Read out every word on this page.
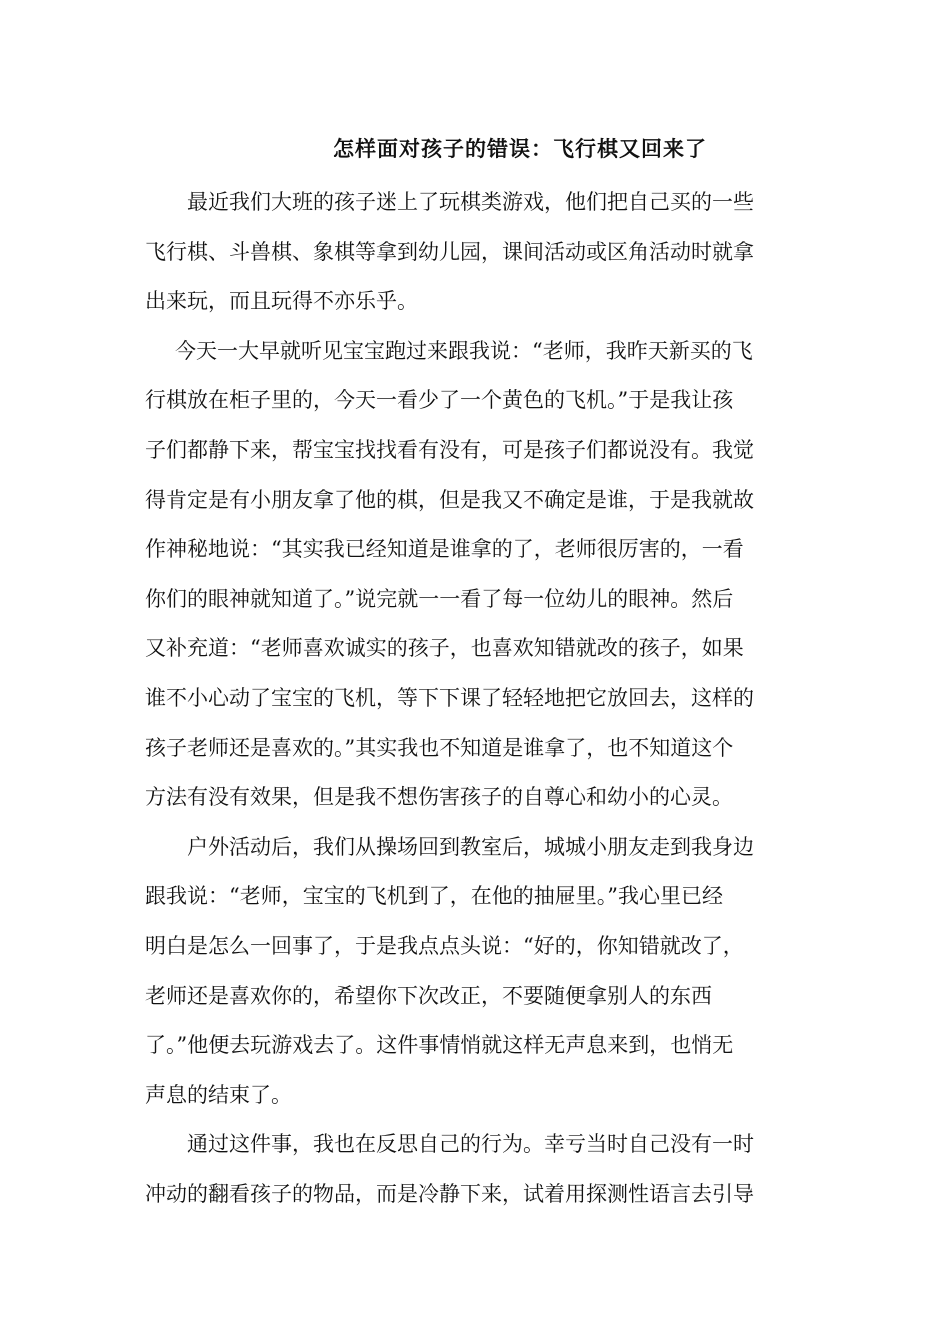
怎样面对孩子的错误：飞行棋又回来了

最近我们大班的孩子迷上了玩棋类游戏，他们把自己买的一些

飞行棋、斗兽棋、象棋等拿到幼儿园，课间活动或区角活动时就拿

出来玩，而且玩得不亦乐乎。

今天一大早就听见宝宝跑过来跟我说：“老师，我昨天新买的飞

行棋放在柜子里的，今天一看少了一个黄色的飞机。”于是我让孩

子们都静下来，帮宝宝找找看有没有，可是孩子们都说没有。我觉

得肯定是有小朋友拿了他的棋，但是我又不确定是谁，于是我就故

作神秘地说：“其实我已经知道是谁拿的了，老师很厉害的，一看

你们的眼神就知道了。”说完就一一看了每一位幼儿的眼神。然后

又补充道：“老师喜欢诚实的孩子，也喜欢知错就改的孩子，如果

谁不小心动了宝宝的飞机，等下下课了轻轻地把它放回去，这样的

孩子老师还是喜欢的。”其实我也不知道是谁拿了，也不知道这个

方法有没有效果，但是我不想伤害孩子的自尊心和幼小的心灵。

户外活动后，我们从操场回到教室后，城城小朋友走到我身边

跟我说：“老师，宝宝的飞机到了，在他的抽屉里。”我心里已经

明白是怎么一回事了，于是我点点头说：“好的，你知错就改了，

老师还是喜欢你的，希望你下次改正，不要随便拿别人的东西

了。”他便去玩游戏去了。这件事情悄就这样无声息来到，也悄无

声息的结束了。

通过这件事，我也在反思自己的行为。幸亏当时自己没有一时

冲动的翻看孩子的物品，而是冷静下来，试着用探测性语言去引导
